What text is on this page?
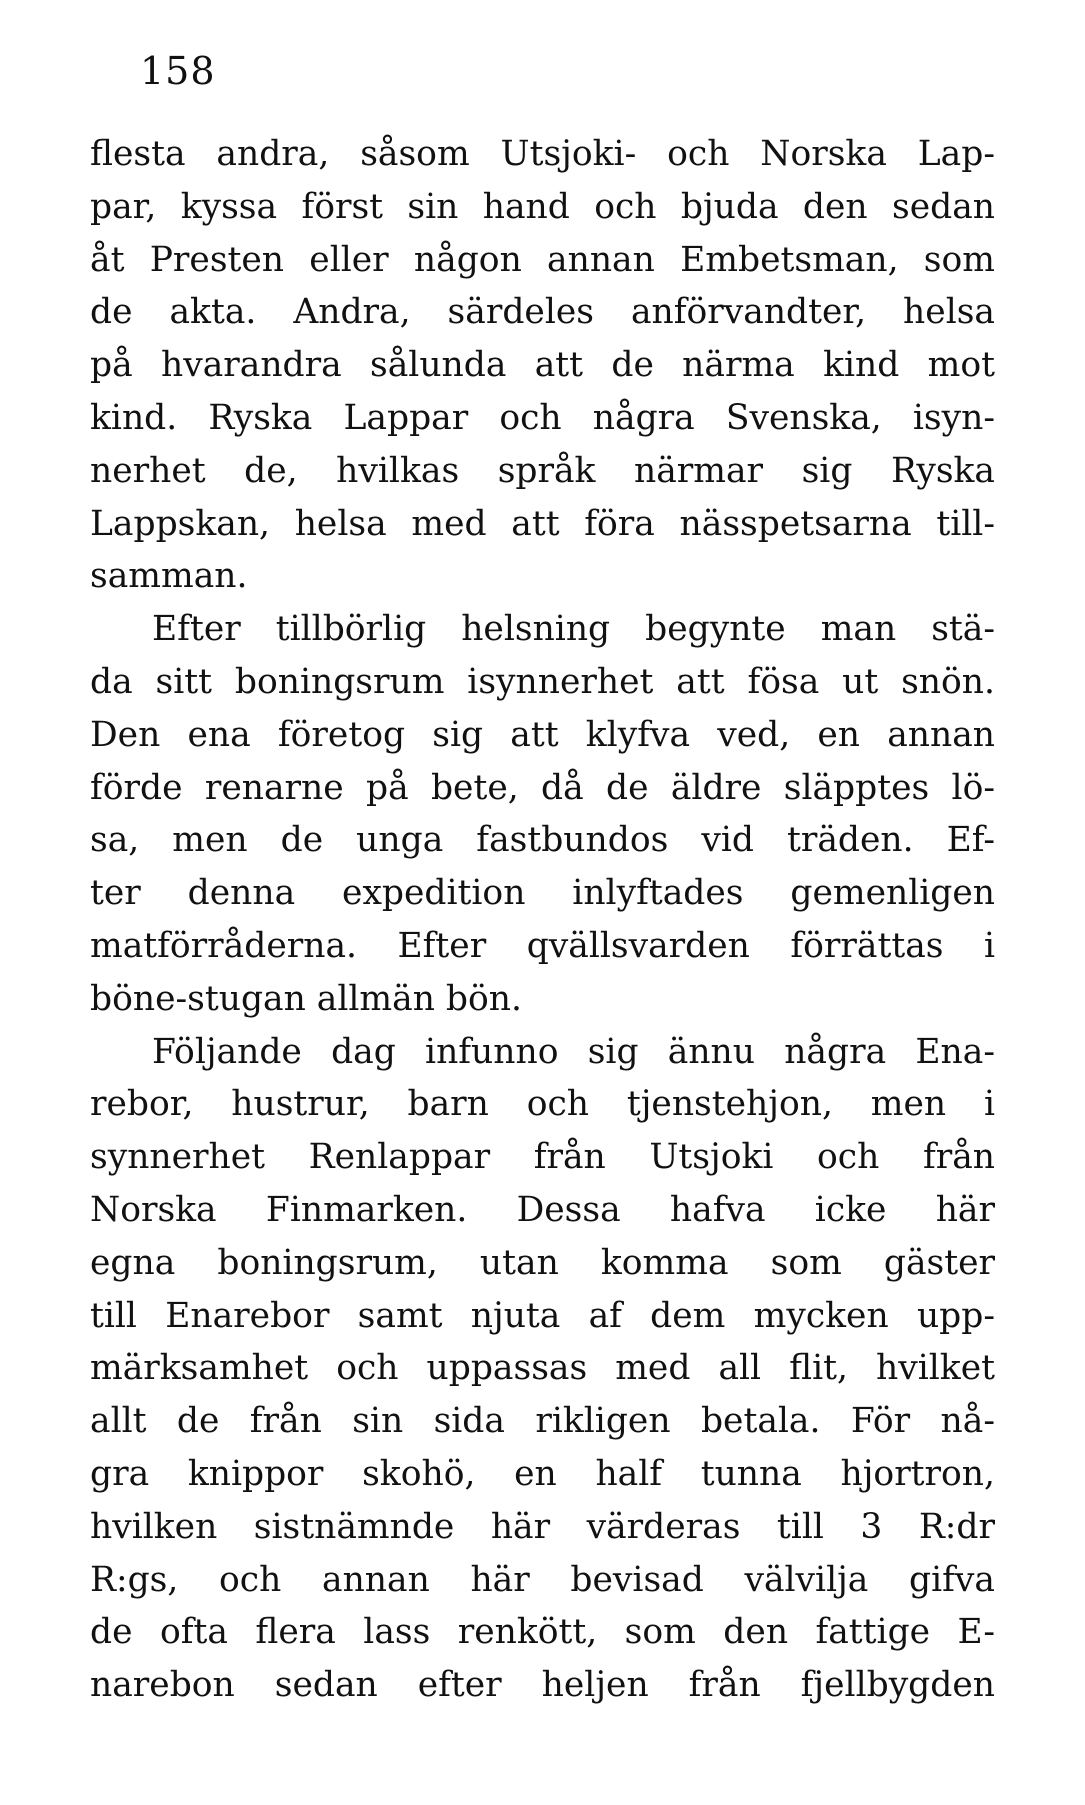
158
flesta andra, såsom Utsjoki- och Norska Lap-
par, kyssa först sin hand och bjuda den sedan
åt Presten eller någon annan Embetsman, som
de akta. Andra, särdeles anförvandter, helsa
på hvarandra sålunda att de närma kind mot
kind. Ryska Lappar och några Svenska, isyn-
nerhet de, hvilkas språk närmar sig Ryska
Lappskan, helsa med att föra nässpetsarna till-
samman.
Efter tillbörlig helsning begynte man stä-
da sitt boningsrum isynnerhet att fösa ut snön.
Den ena företog sig att klyfva ved, en annan
förde renarne på bete, då de äldre släpptes lö-
sa, men de unga fastbundos vid träden. Ef-
ter denna expedition inlyftades gemenligen
matförråderna. Efter qvällsvarden förrättas i
böne-stugan allmän bön.
Följande dag infunno sig ännu några Ena-
rebor, hustrur, barn och tjenstehjon, men i
synnerhet Renlappar från Utsjoki och från
Norska Finmarken. Dessa hafva icke här
egna boningsrum, utan komma som gäster
till Enarebor samt njuta af dem mycken upp-
märksamhet och uppassas med all flit, hvilket
allt de från sin sida rikligen betala. För nå-
gra knippor skohö, en half tunna hjortron,
hvilken sistnämnde här värderas till 3 R:dr
R:gs, och annan här bevisad välvilja gifva
de ofta flera lass renkött, som den fattige E-
narebon sedan efter heljen från fjellbygden
